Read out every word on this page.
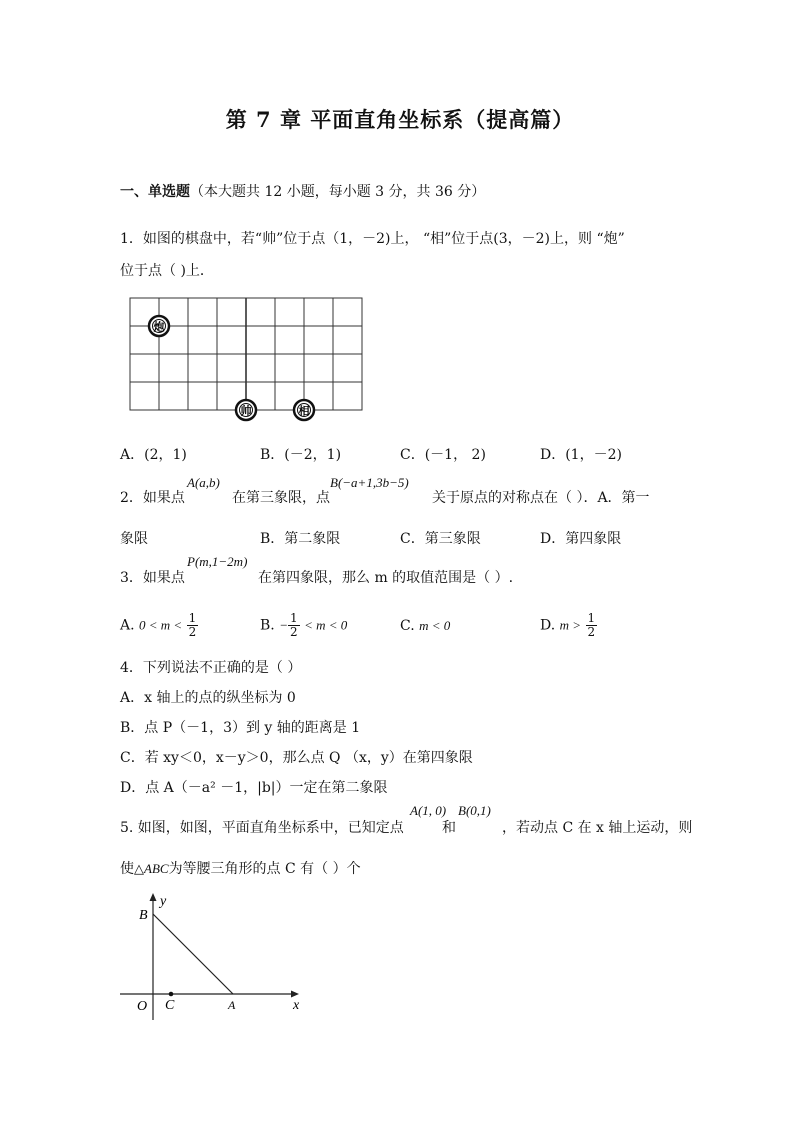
第 7 章 平面直角坐标系（提高篇）
一、单选题（本大题共 12 小题，每小题 3 分，共 36 分）
1．如图的棋盘中，若“帅”位于点（1，－2)上， “相”位于点(3，－2)上，则 “炮”
位于点（ )上．
炮
帅	相
A．(2，1)	B．(－2，1)	C．(－1， 2)	D．(1，－2)
2．如果点
A(a,b)
在第三象限，点
B(−a+1,3b−5)
关于原点的对称点在（ ）．A．第一
象限	B．第二象限	C．第三象限	D．第四象限
3．如果点
P(m,1−2m)
在第四象限，那么 m 的取值范围是（ ）.
A. $0 < m < \frac{1}{2}$	B. − $\frac{1}{2} < m < 0$	C. m < 0	D. $m > \frac{1}{2}$
4．下列说法不正确的是（ ）
A．x 轴上的点的纵坐标为 0
B．点 P（－1，3）到 y 轴的距离是 1
C．若 xy＜0，x－y＞0，那么点 Q （x，y）在第四象限
D．点 A（－a² －1，|b|）一定在第二象限
5. 如图，如图，平面直角坐标系中，已知定点
A(1, 0)
和
B(0,1)
，若动点 C 在 x 轴上运动，则
使△ABC为等腰三角形的点 C 有（ ）个
y
x
B
O C	A
